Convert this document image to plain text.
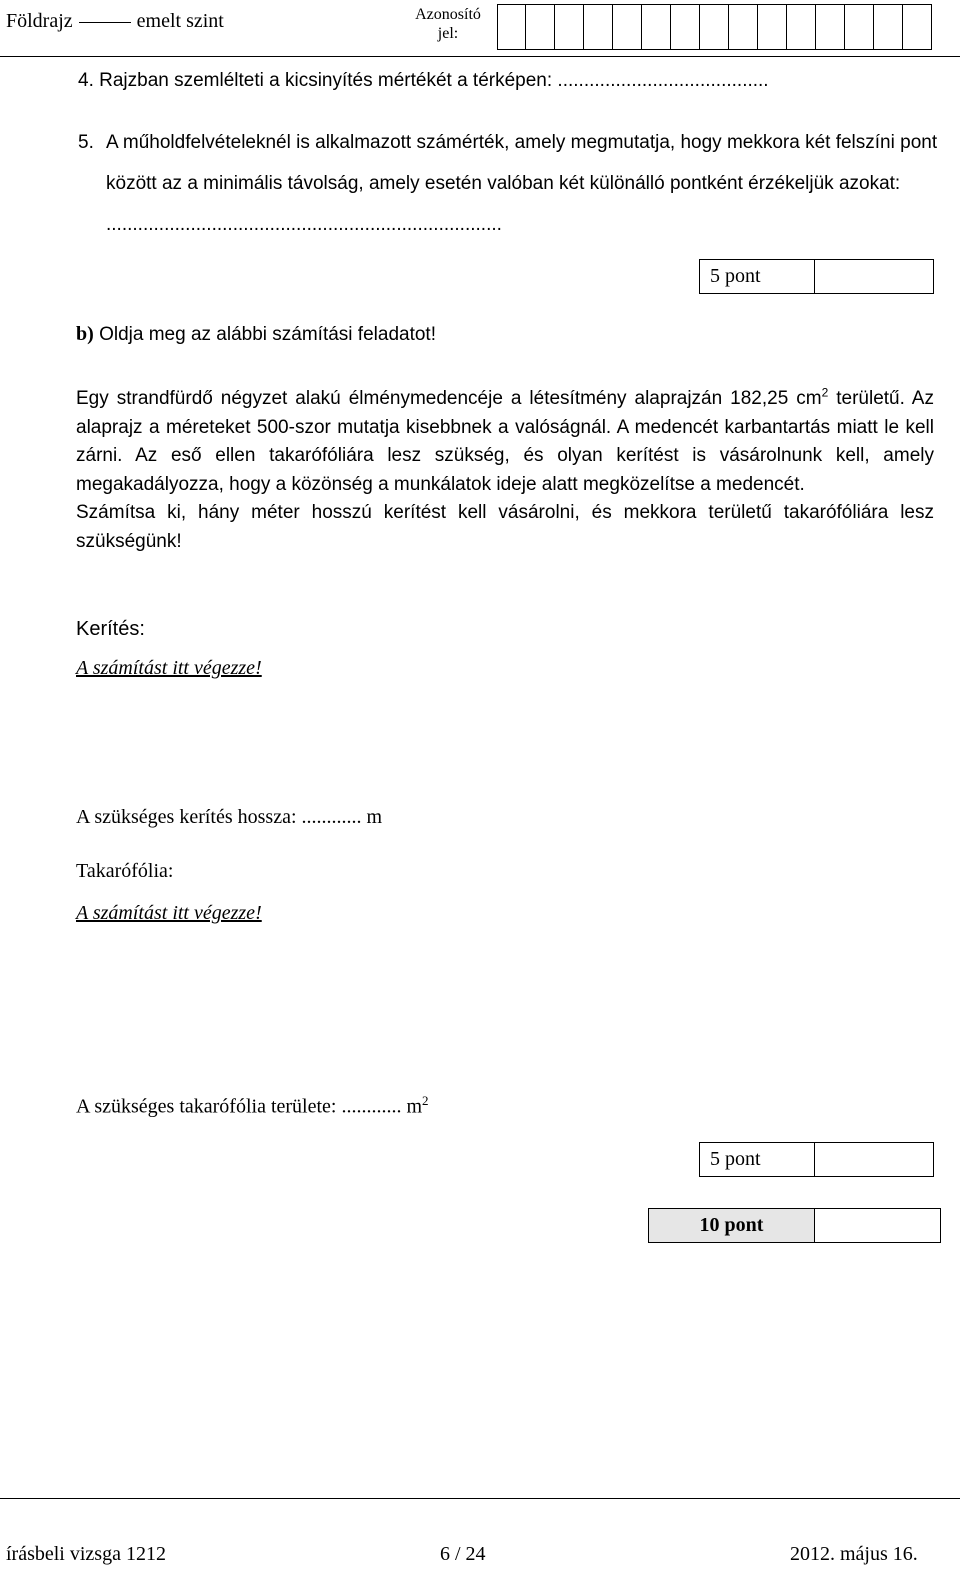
Földrajz	emelt szint	Azonosító
jel:
4. Rajzban szemlélteti a kicsinyítés mértékét a térképen: ........................................
5. A műholdfelvételeknél is alkalmazott számérték, amely megmutatja, hogy mekkora két felszíni pont között az a minimális távolság, amely esetén valóban két különálló pontként érzékeljük azokat: ...........................................................................
5 pont
b) Oldja meg az alábbi számítási feladatot!

Egy strandfürdő négyzet alakú élménymedencéje a létesítmény alaprajzán 182,25 $cm^2$ területű. Az alaprajz a méreteket 500-szor mutatja kisebbnek a valóságnál. A medencét karbantartás miatt le kell zárni. Az eső ellen takarófóliára lesz szükség, és olyan kerítést is vásárolnunk kell, amely megakadályozza, hogy a közönség a munkálatok ideje alatt megközelítse a medencét.

Számítsa ki, hány méter hosszú kerítést kell vásárolni, és mekkora területű takarófóliára lesz szükségünk!

Kerítés:
A számítást itt végezze!
A szükséges kerítés hossza: ............ m
Takarófólia:
A számítást itt végezze!
A szükséges takarófólia területe: ............ $m^2$
5 pont
10 pont
írásbeli vizsga 1212	6 / 24	2012. május 16.
